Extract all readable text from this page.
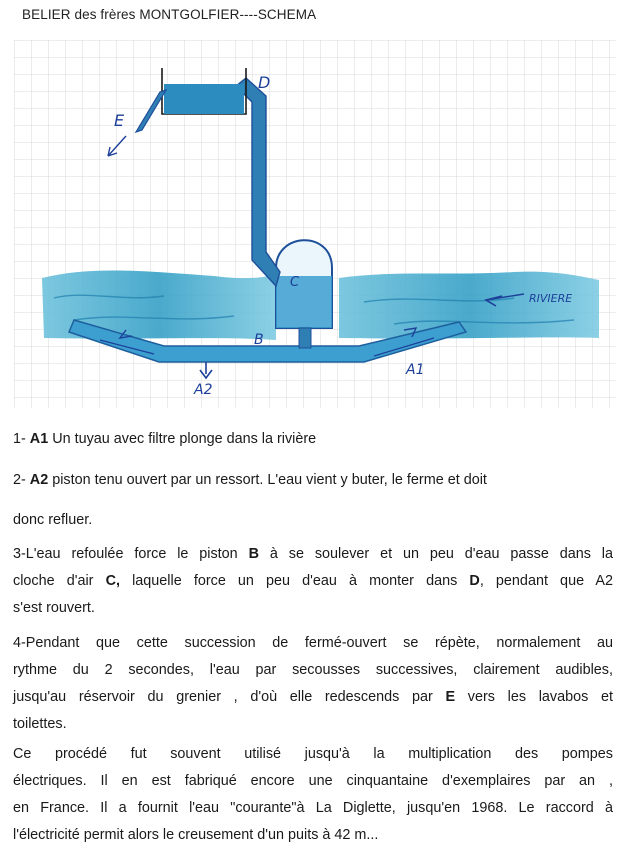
BELIER des frères MONTGOLFIER----SCHEMA
E
D
C
B
A1
A2
RIVIERE

1- A1 Un tuyau avec filtre plonge dans la rivière

2- A2 piston tenu ouvert par un ressort. L'eau vient y buter, le ferme et doit

donc refluer.

3-L'eau refoulée force le piston B à se soulever et un peu d'eau passe dans la

cloche d'air C, laquelle force un peu d'eau à monter dans D, pendant que A2

s'est rouvert.

4-Pendant que cette succession de fermé-ouvert se répète, normalement au

rythme du 2 secondes, l'eau par secousses successives, clairement audibles,

jusqu'au réservoir du grenier , d'où elle redescends par E vers les lavabos et

toilettes.

Ce procédé fut souvent utilisé jusqu'à la multiplication des pompes

électriques. Il en est fabriqué encore une cinquantaine d'exemplaires par an ,

en France. Il a fournit l'eau "courante"à La Diglette, jusqu'en 1968. Le raccord à

l'électricité permit alors le creusement d'un puits à 42 m...
